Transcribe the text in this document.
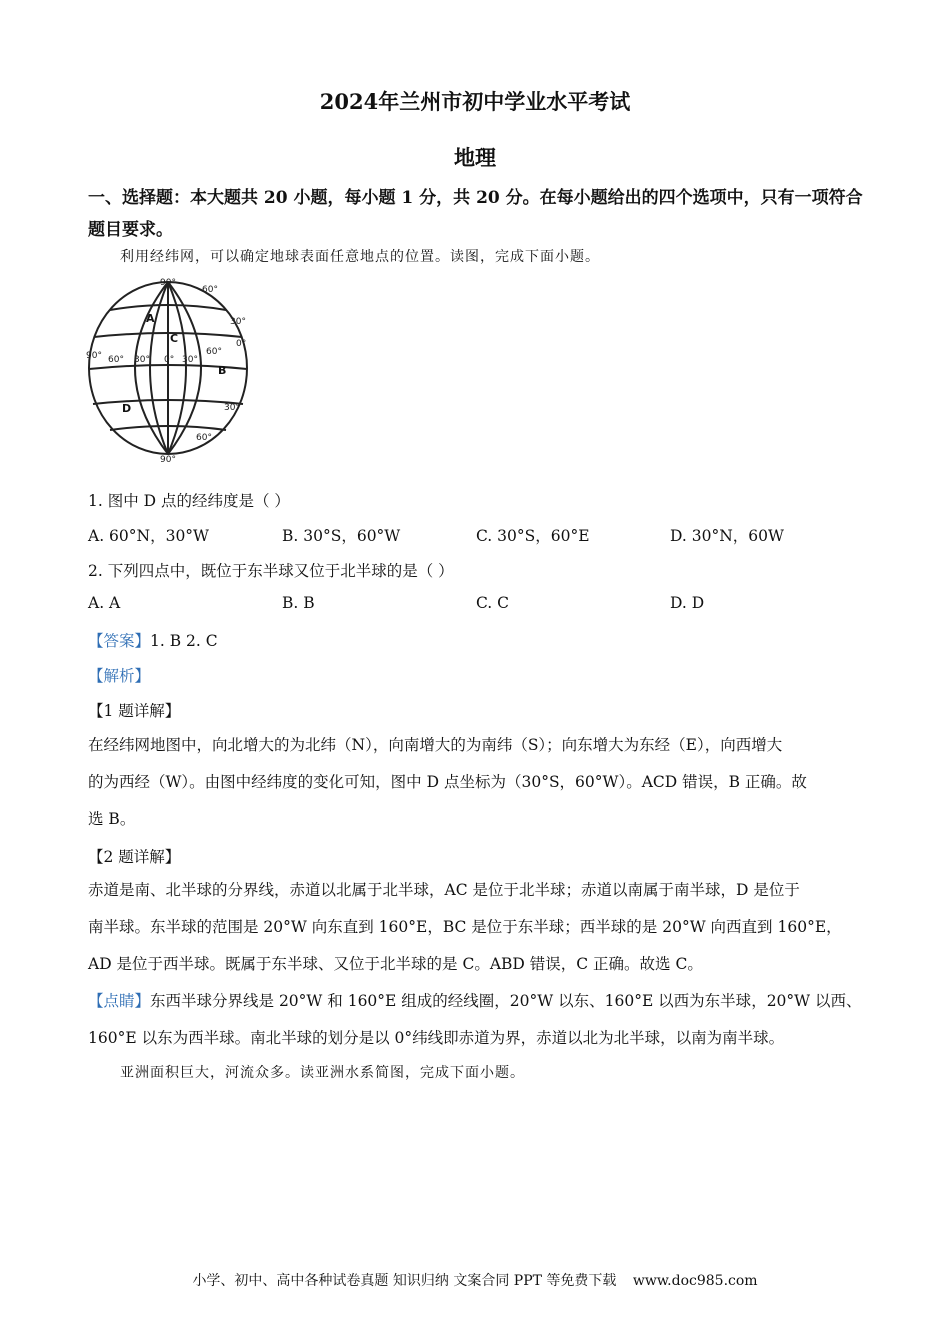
2024年兰州市初中学业水平考试
地理
一、选择题：本大题共 20 小题，每小题 1 分，共 20 分。在每小题给出的四个选项中，只有一项符合题目要求。
利用经纬网，可以确定地球表面任意地点的位置。读图，完成下面小题。
90°
60°
30°
0°
30°
60°
90°
90° 60° 30° 0° 30°
60°
A
B
C
D
1. 图中 D 点的经纬度是（ ）
A. 60°N，30°W	B. 30°S，60°W	C. 30°S，60°E	D. 30°N，60W
2. 下列四点中，既位于东半球又位于北半球的是（ ）
A. A	B. B	C. C	D. D
【答案】1. B 2. C
【解析】
【1 题详解】
在经纬网地图中，向北增大的为北纬（N），向南增大的为南纬（S）；向东增大为东经（E），向西增大
的为西经（W）。由图中经纬度的变化可知，图中 D 点坐标为（30°S，60°W）。ACD 错误，B 正确。故
选 B。
【2 题详解】
赤道是南、北半球的分界线，赤道以北属于北半球，AC 是位于北半球；赤道以南属于南半球，D 是位于
南半球。东半球的范围是 20°W 向东直到 160°E，BC 是位于东半球；西半球的是 20°W 向西直到 160°E，
AD 是位于西半球。既属于东半球、又位于北半球的是 C。ABD 错误，C 正确。故选 C。
【点睛】东西半球分界线是 20°W 和 160°E 组成的经线圈，20°W 以东、160°E 以西为东半球，20°W 以西、
160°E 以东为西半球。南北半球的划分是以 0°纬线即赤道为界，赤道以北为北半球，以南为南半球。
亚洲面积巨大，河流众多。读亚洲水系简图，完成下面小题。
小学、初中、高中各种试卷真题 知识归纳 文案合同 PPT 等免费下载 www.doc985.com
